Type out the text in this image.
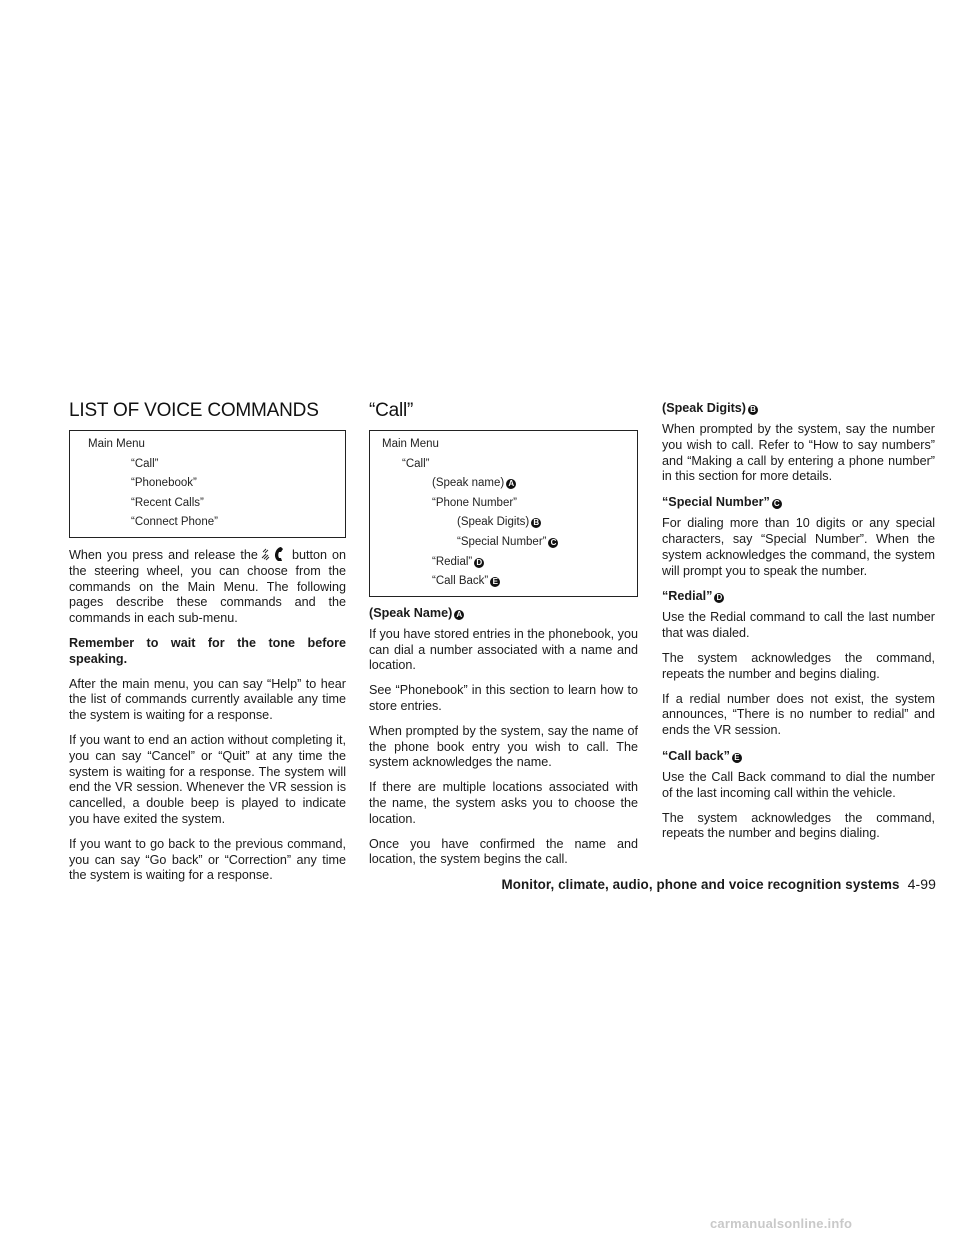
LIST OF VOICE COMMANDS
Main Menu
“Call”
“Phonebook”
“Recent Calls”
“Connect Phone”

When you press and release the	button on the steering wheel, you can choose from the commands on the Main Menu. The following pages describe these commands and the commands in each sub-menu.

Remember to wait for the tone before speaking.

After the main menu, you can say “Help” to hear the list of commands currently available any time the system is waiting for a response.

If you want to end an action without completing it, you can say “Cancel” or “Quit” at any time the system is waiting for a response. The system will end the VR session. Whenever the VR session is cancelled, a double beep is played to indicate you have exited the system.

If you want to go back to the previous command, you can say “Go back” or “Correction” any time the system is waiting for a response.

“Call”
Main Menu
“Call”
(Speak name) A
“Phone Number”
(Speak Digits) B
“Special Number” C
“Redial” D
“Call Back” E
(Speak Name) A

If you have stored entries in the phonebook, you can dial a number associated with a name and location.

See “Phonebook” in this section to learn how to store entries.

When prompted by the system, say the name of the phone book entry you wish to call. The system acknowledges the name.

If there are multiple locations associated with the name, the system asks you to choose the location.

Once you have confirmed the name and location, the system begins the call.

(Speak Digits) B

When prompted by the system, say the number you wish to call. Refer to “How to say numbers” and “Making a call by entering a phone number” in this section for more details.

“Special Number” C

For dialing more than 10 digits or any special characters, say “Special Number”. When the system acknowledges the command, the system will prompt you to speak the number.

“Redial” D

Use the Redial command to call the last number that was dialed.

The system acknowledges the command, repeats the number and begins dialing.

If a redial number does not exist, the system announces, “There is no number to redial” and ends the VR session.

“Call back” E

Use the Call Back command to dial the number of the last incoming call within the vehicle.

The system acknowledges the command, repeats the number and begins dialing.

Monitor, climate, audio, phone and voice recognition systems 4-99
carmanualsonline.info
